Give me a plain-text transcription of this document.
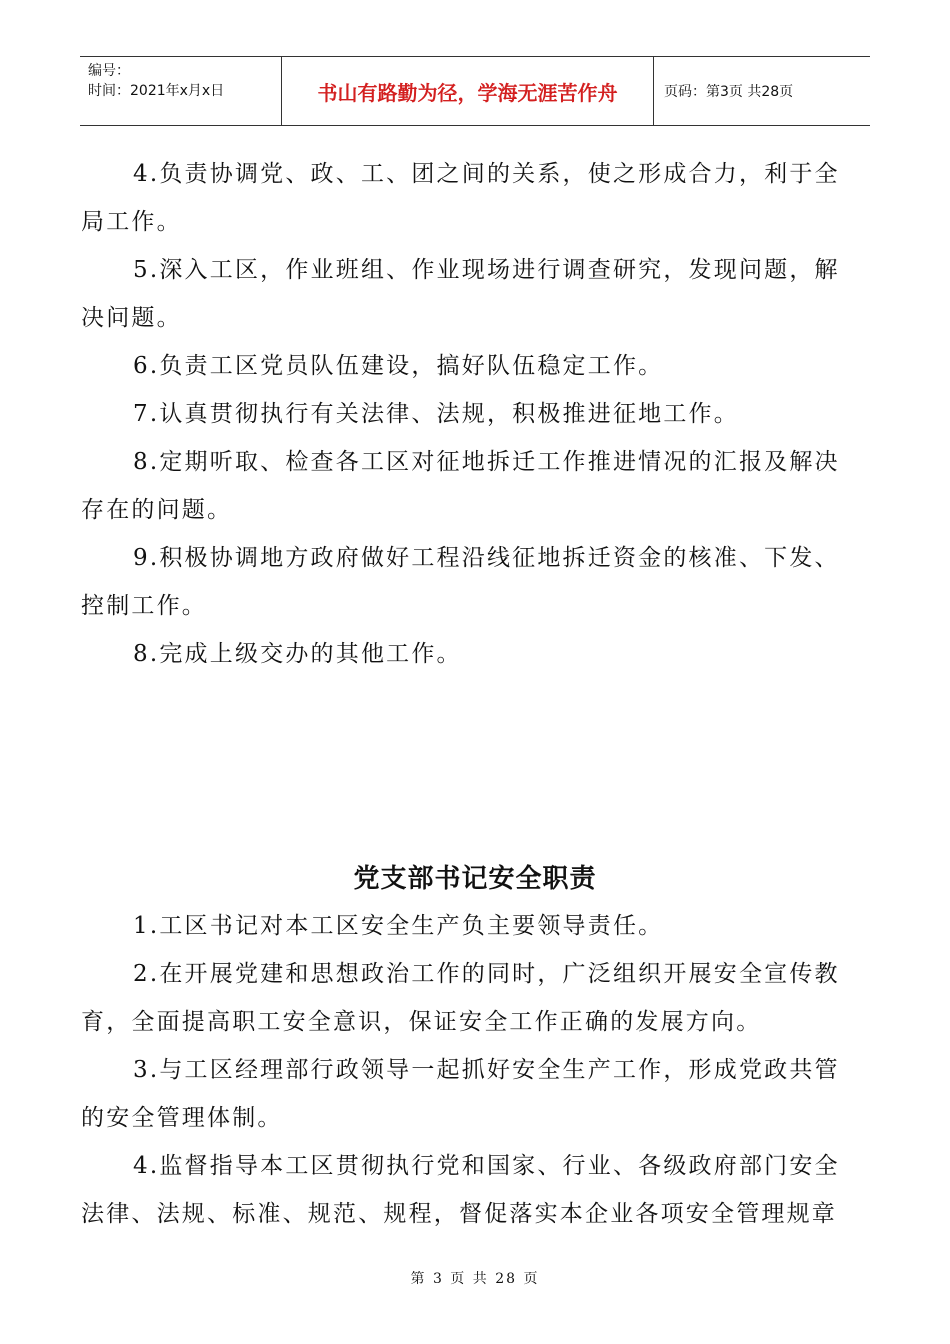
编号：
时间：2021年x月x日	书山有路勤为径，学海无涯苦作舟	页码：第3页 共28页
4.负责协调党、政、工、团之间的关系，使之形成合力，利于全
局工作。
5.深入工区，作业班组、作业现场进行调查研究，发现问题，解
决问题。
6.负责工区党员队伍建设，搞好队伍稳定工作。
7.认真贯彻执行有关法律、法规，积极推进征地工作。
8.定期听取、检查各工区对征地拆迁工作推进情况的汇报及解决
存在的问题。
9.积极协调地方政府做好工程沿线征地拆迁资金的核准、下发、
控制工作。
8.完成上级交办的其他工作。
党支部书记安全职责
1.工区书记对本工区安全生产负主要领导责任。
2.在开展党建和思想政治工作的同时，广泛组织开展安全宣传教
育，全面提高职工安全意识，保证安全工作正确的发展方向。
3.与工区经理部行政领导一起抓好安全生产工作，形成党政共管
的安全管理体制。
4.监督指导本工区贯彻执行党和国家、行业、各级政府部门安全
法律、法规、标准、规范、规程，督促落实本企业各项安全管理规章
第 3 页 共 28 页
